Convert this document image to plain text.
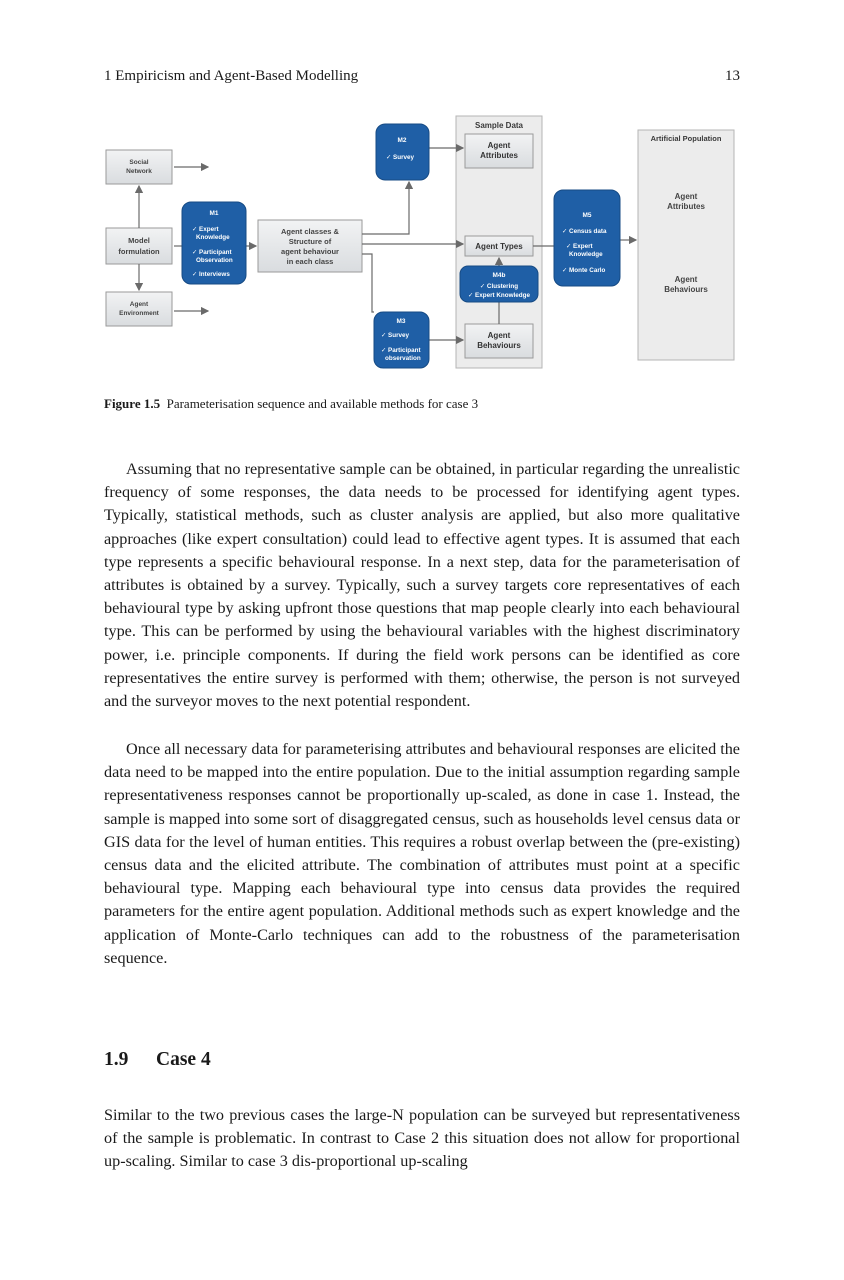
1 Empiricism and Agent-Based Modelling	13
Sample Data
Agent
Attributes
Agent Types
Agent
Behaviours
Artificial Population
Agent
Attributes
Agent
Behaviours
Social
Network
Model
formulation
Agent
Environment
Agent classes &
Structure of
agent behaviour
in each class
M1
✓ Expert
Knowledge
✓ Participant
Observation
✓ Interviews
M2
✓ Survey
M3
✓ Survey
✓ Participant
observation
M4b
✓ Clustering
✓ Expert Knowledge
M5
✓ Census data
✓ Expert
Knowledge
✓ Monte Carlo
Figure 1.5 Parameterisation sequence and available methods for case 3

Assuming that no representative sample can be obtained, in particular regarding the unrealistic frequency of some responses, the data needs to be processed for identifying agent types. Typically, statistical methods, such as cluster analysis are applied, but also more qualitative approaches (like expert consultation) could lead to effective agent types. It is assumed that each type represents a specific behavioural response. In a next step, data for the parameterisation of attributes is obtained by a survey. Typically, such a survey targets core representatives of each behavioural type by asking upfront those questions that map people clearly into each behavioural type. This can be performed by using the behavioural variables with the highest discriminatory power, i.e. principle components. If during the field work persons can be identified as core representatives the entire survey is performed with them; otherwise, the person is not surveyed and the surveyor moves to the next potential respondent.

Once all necessary data for parameterising attributes and behavioural responses are elicited the data need to be mapped into the entire population. Due to the initial assumption regarding sample representativeness responses cannot be proportionally up-scaled, as done in case 1. Instead, the sample is mapped into some sort of disaggregated census, such as households level census data or GIS data for the level of human entities. This requires a robust overlap between the (pre-existing) census data and the elicited attribute. The combination of attributes must point at a specific behavioural type. Mapping each behavioural type into census data provides the required parameters for the entire agent population. Additional methods such as expert knowledge and the application of Monte-Carlo techniques can add to the robustness of the parameterisation sequence.

1.9 Case 4

Similar to the two previous cases the large-N population can be surveyed but representativeness of the sample is problematic. In contrast to Case 2 this situation does not allow for proportional up-scaling. Similar to case 3 dis-proportional up-scaling
